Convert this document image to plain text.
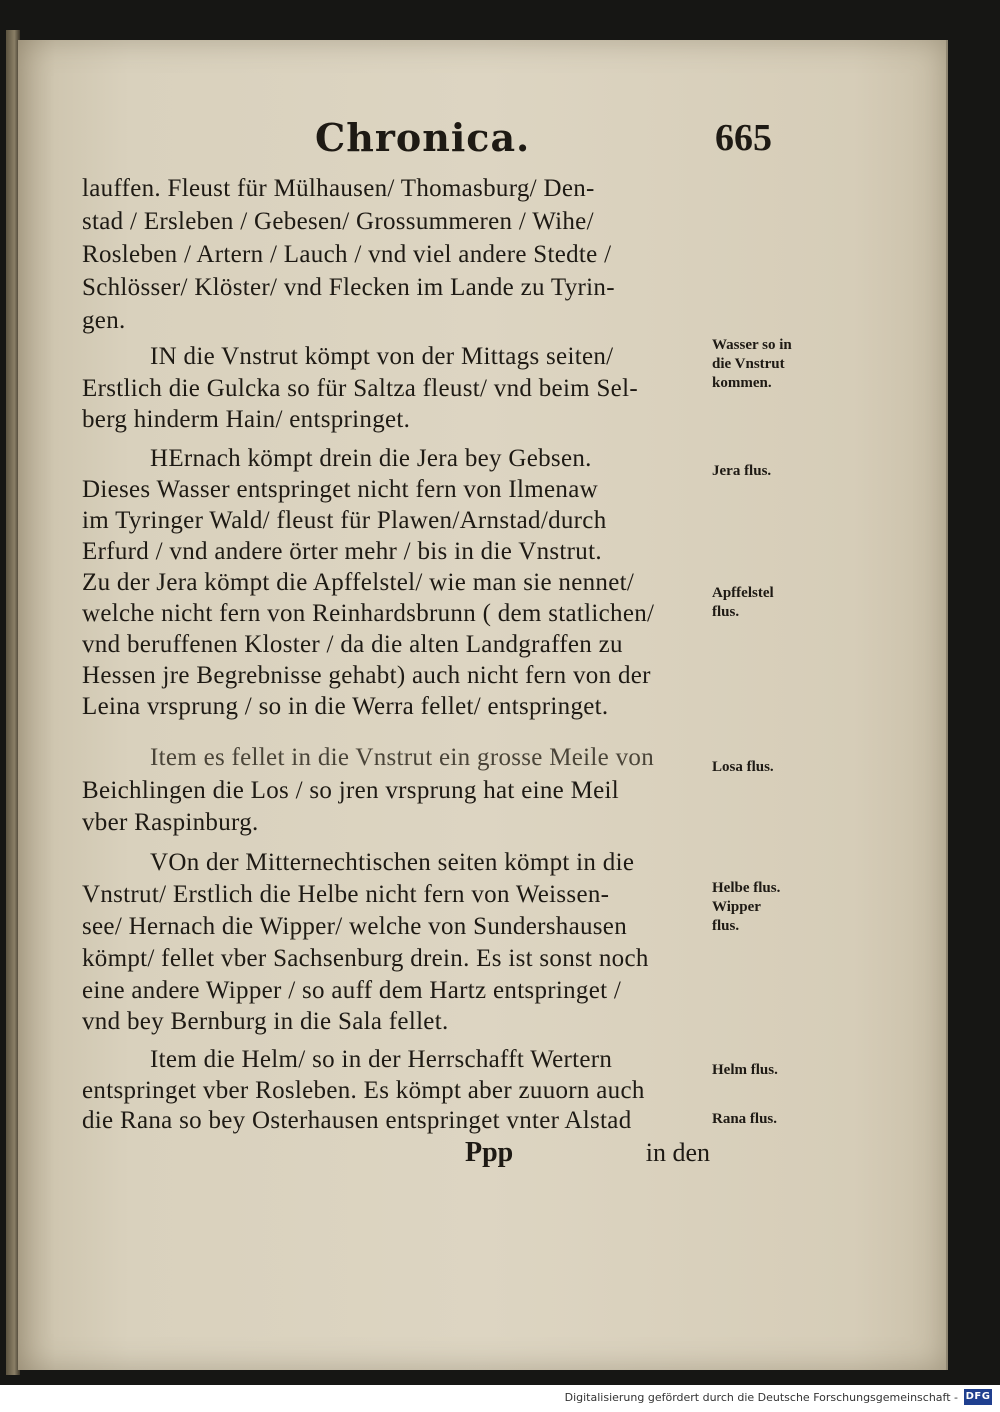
Chronica.	665
lauffen. Fleust für Mülhausen/ Thomasburg/ Den-
stad / Ersleben / Gebesen/ Grossummeren / Wihe/
Rosleben / Artern / Lauch / vnd viel andere Stedte /
Schlösser/ Klöster/ vnd Flecken im Lande zu Tyrin-
gen.
IN die Vnstrut kömpt von der Mittags seiten/
Erstlich die Gulcka so für Saltza fleust/ vnd beim Sel-
berg hinderm Hain/ entspringet.
HErnach kömpt drein die Jera bey Gebsen.
Dieses Wasser entspringet nicht fern von Ilmenaw
im Tyringer Wald/ fleust für Plawen/Arnstad/durch
Erfurd / vnd andere örter mehr / bis in die Vnstrut.
Zu der Jera kömpt die Apffelstel/ wie man sie nennet/
welche nicht fern von Reinhardsbrunn ( dem statlichen/
vnd beruffenen Kloster / da die alten Landgraffen zu
Hessen jre Begrebnisse gehabt) auch nicht fern von der
Leina vrsprung / so in die Werra fellet/ entspringet.
Item es fellet in die Vnstrut ein grosse Meile von
Beichlingen die Los / so jren vrsprung hat eine Meil
vber Raspinburg.
VOn der Mitternechtischen seiten kömpt in die
Vnstrut/ Erstlich die Helbe nicht fern von Weissen-
see/ Hernach die Wipper/ welche von Sundershausen
kömpt/ fellet vber Sachsenburg drein. Es ist sonst noch
eine andere Wipper / so auff dem Hartz entspringet /
vnd bey Bernburg in die Sala fellet.
Item die Helm/ so in der Herrschafft Wertern
entspringet vber Rosleben. Es kömpt aber zuuorn auch
die Rana so bey Osterhausen entspringet vnter Alstad
Wasser so in
die Vnstrut
kommen.
Jera flus.
Apffelstel
flus.
Losa flus.
Helbe flus.
Wipper
flus.
Helm flus.
Rana flus.
Ppp	in den
Digitalisierung gefördert durch die Deutsche Forschungsgemeinschaft - DFG
